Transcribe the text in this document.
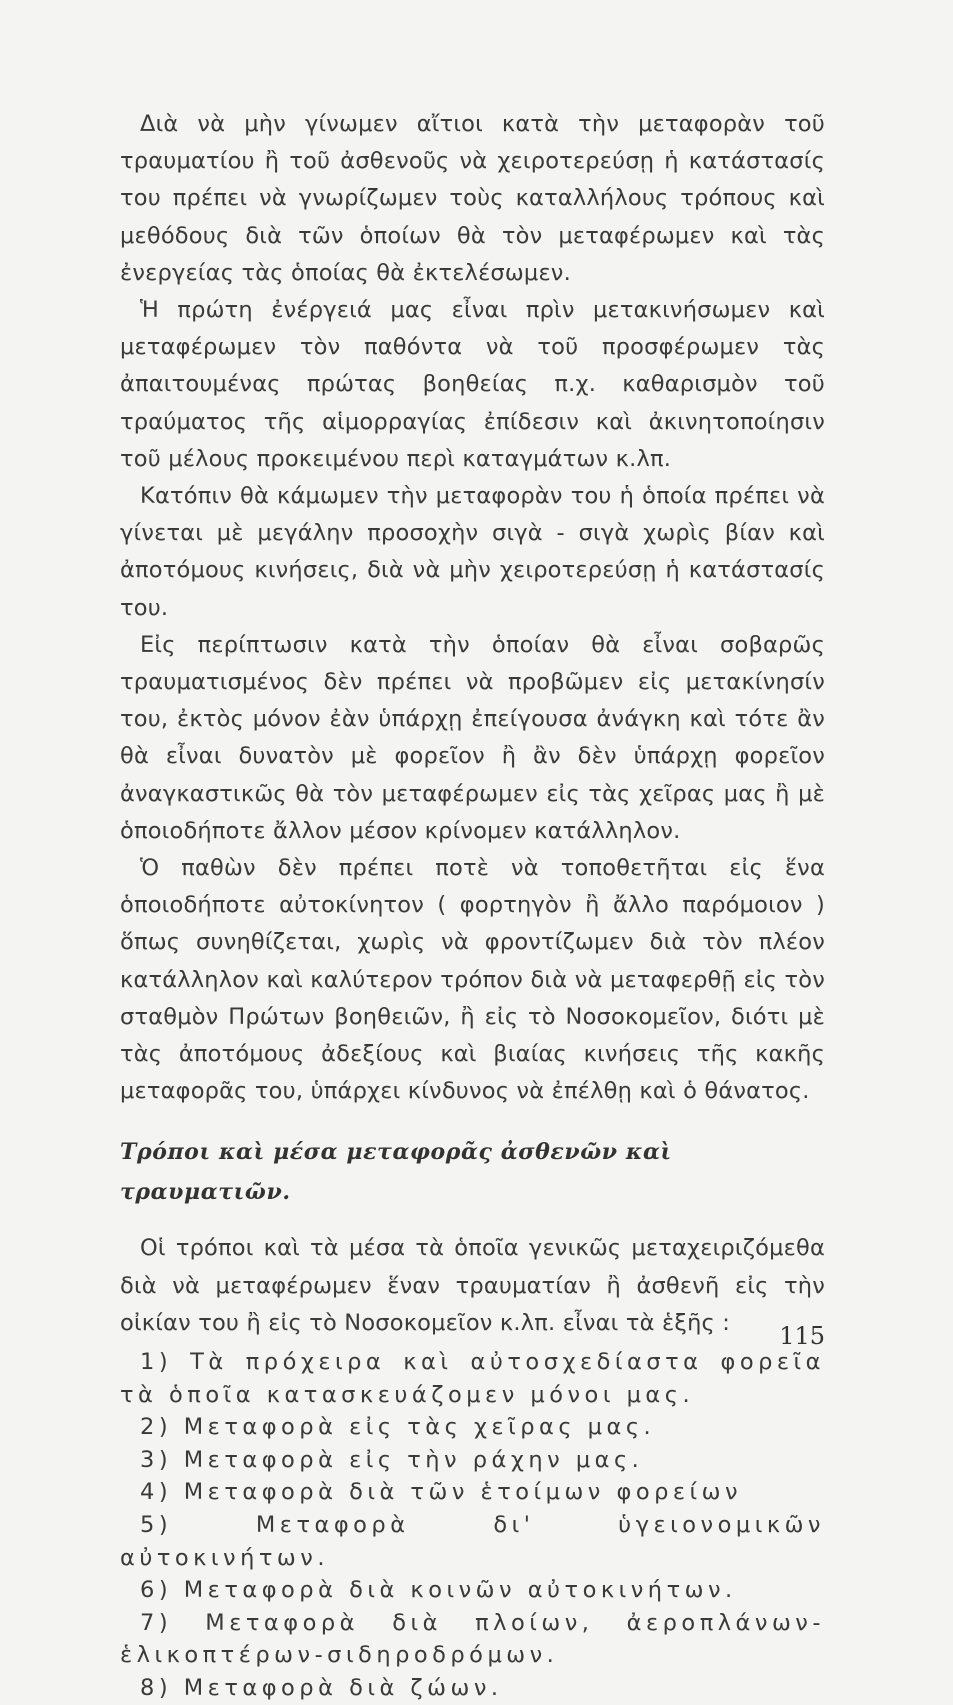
Διὰ νὰ μὴν γίνωμεν αἴτιοι κατὰ τὴν μεταφορὰν τοῦ τραυματίου ἢ τοῦ ἀσθενοῦς νὰ χειροτερεύσῃ ἡ κατάστασίς του πρέπει νὰ γνωρίζωμεν τοὺς καταλλήλους τρόπους καὶ μεθόδους διὰ τῶν ὁποίων θὰ τὸν μεταφέρωμεν καὶ τὰς ἐνεργείας τὰς ὁποίας θὰ ἐκτελέσωμεν.

Ἡ πρώτη ἐνέργειά μας εἶναι πρὶν μετακινήσωμεν καὶ μεταφέρωμεν τὸν παθόντα νὰ τοῦ προσφέρωμεν τὰς ἀπαιτουμένας πρώτας βοηθείας π.χ. καθαρισμὸν τοῦ τραύματος τῆς αἱμορραγίας ἐπίδεσιν καὶ ἀκινητοποίησιν τοῦ μέλους προκειμένου περὶ καταγμάτων κ.λπ.

Κατόπιν θὰ κάμωμεν τὴν μεταφορὰν του ἡ ὁποία πρέπει νὰ γίνεται μὲ μεγάλην προσοχὴν σιγὰ - σιγὰ χωρὶς βίαν καὶ ἀποτόμους κινήσεις, διὰ νὰ μὴν χειροτερεύσῃ ἡ κατάστασίς του.

Εἰς περίπτωσιν κατὰ τὴν ὁποίαν θὰ εἶναι σοβαρῶς τραυματισμένος δὲν πρέπει νὰ προβῶμεν εἰς μετακίνησίν του, ἐκτὸς μόνον ἐὰν ὑπάρχῃ ἐπείγουσα ἀνάγκη καὶ τότε ἂν θὰ εἶναι δυνατὸν μὲ φορεῖον ἢ ἂν δὲν ὑπάρχῃ φορεῖον ἀναγκαστικῶς θὰ τὸν μεταφέρωμεν εἰς τὰς χεῖρας μας ἢ μὲ ὁποιοδήποτε ἄλλον μέσον κρίνομεν κατάλληλον.

Ὁ παθὼν δὲν πρέπει ποτὲ νὰ τοποθετῆται εἰς ἕνα ὁποιοδήποτε αὐτοκίνητον ( φορτηγὸν ἢ ἄλλο παρόμοιον ) ὅπως συνηθίζεται, χωρὶς νὰ φροντίζωμεν διὰ τὸν πλέον κατάλληλον καὶ καλύτερον τρόπον διὰ νὰ μεταφερθῇ εἰς τὸν σταθμὸν Πρώτων βοηθειῶν, ἢ εἰς τὸ Νοσοκομεῖον, διότι μὲ τὰς ἀποτόμους ἀδεξίους καὶ βιαίας κινήσεις τῆς κακῆς μεταφορᾶς του, ὑπάρχει κίνδυνος νὰ ἐπέλθῃ καὶ ὁ θάνατος.

Τρόποι καὶ μέσα μεταφορᾶς ἀσθενῶν καὶ τραυματιῶν.

Οἱ τρόποι καὶ τὰ μέσα τὰ ὁποῖα γενικῶς μεταχειριζόμεθα διὰ νὰ μεταφέρωμεν ἕναν τραυματίαν ἢ ἀσθενῆ εἰς τὴν οἰκίαν του ἢ εἰς τὸ Νοσοκομεῖον κ.λπ. εἶναι τὰ ἑξῆς :

1) Τὰ πρόχειρα καὶ αὐτοσχεδίαστα φορεῖα τὰ ὁποῖα κατασκευάζομεν μόνοι μας.
2) Μεταφορὰ εἰς τὰς χεῖρας μας.
3) Μεταφορὰ εἰς τὴν ράχην μας.
4) Μεταφορὰ διὰ τῶν ἑτοίμων φορείων
5) Μεταφορὰ δι' ὑγειονομικῶν αὐτοκινήτων.
6) Μεταφορὰ διὰ κοινῶν αὐτοκινήτων.
7) Μεταφορὰ διὰ πλοίων, ἀεροπλάνων-ἑλικοπτέρων-σιδηροδρόμων.
8) Μεταφορὰ διὰ ζώων.
115
